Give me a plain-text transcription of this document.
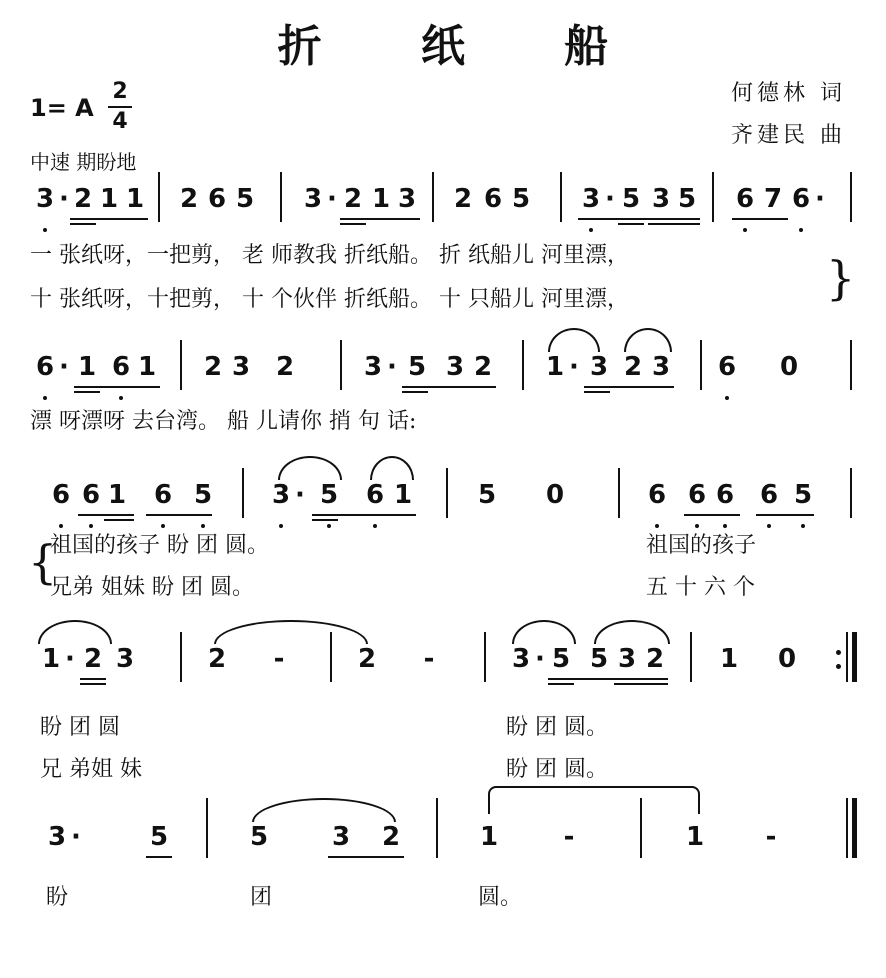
折 纸 船
1= A
2
4
何德林 词
齐建民 曲
中速 期盼地
3 · 2 1 1 2 6 5 3 · 2 1 3 2 6 5 3 · 5 3 5 6 7 6 ·
一 张纸呀，一把剪， 老 师教我 折纸船。 折 纸船儿 河里漂，
十 张纸呀，十把剪， 十 个伙伴 折纸船。 十 只船儿 河里漂，	}
6 · 1 6 1 2 3 2	3 · 5 3 2 1 · 3 2 3 6 0
漂 呀漂呀 去台湾。 船 儿请你 捎 句 话:
6 6 1 6 5 3 · 5 6 1	5 0	6 6 6 6 5
祖国的孩子 盼 团 圆。	祖国的孩子
兄弟 姐妹 盼 团 圆。	五 十 六 个
{
1 · 2 3	2 -	2 -	3 · 5 5 3 2 1 0
盼 团 圆	盼 团 圆。
兄 弟姐 妹	盼 团 圆。
3 ·	5	5 3 2	1	-	1 -
盼	团	圆。
